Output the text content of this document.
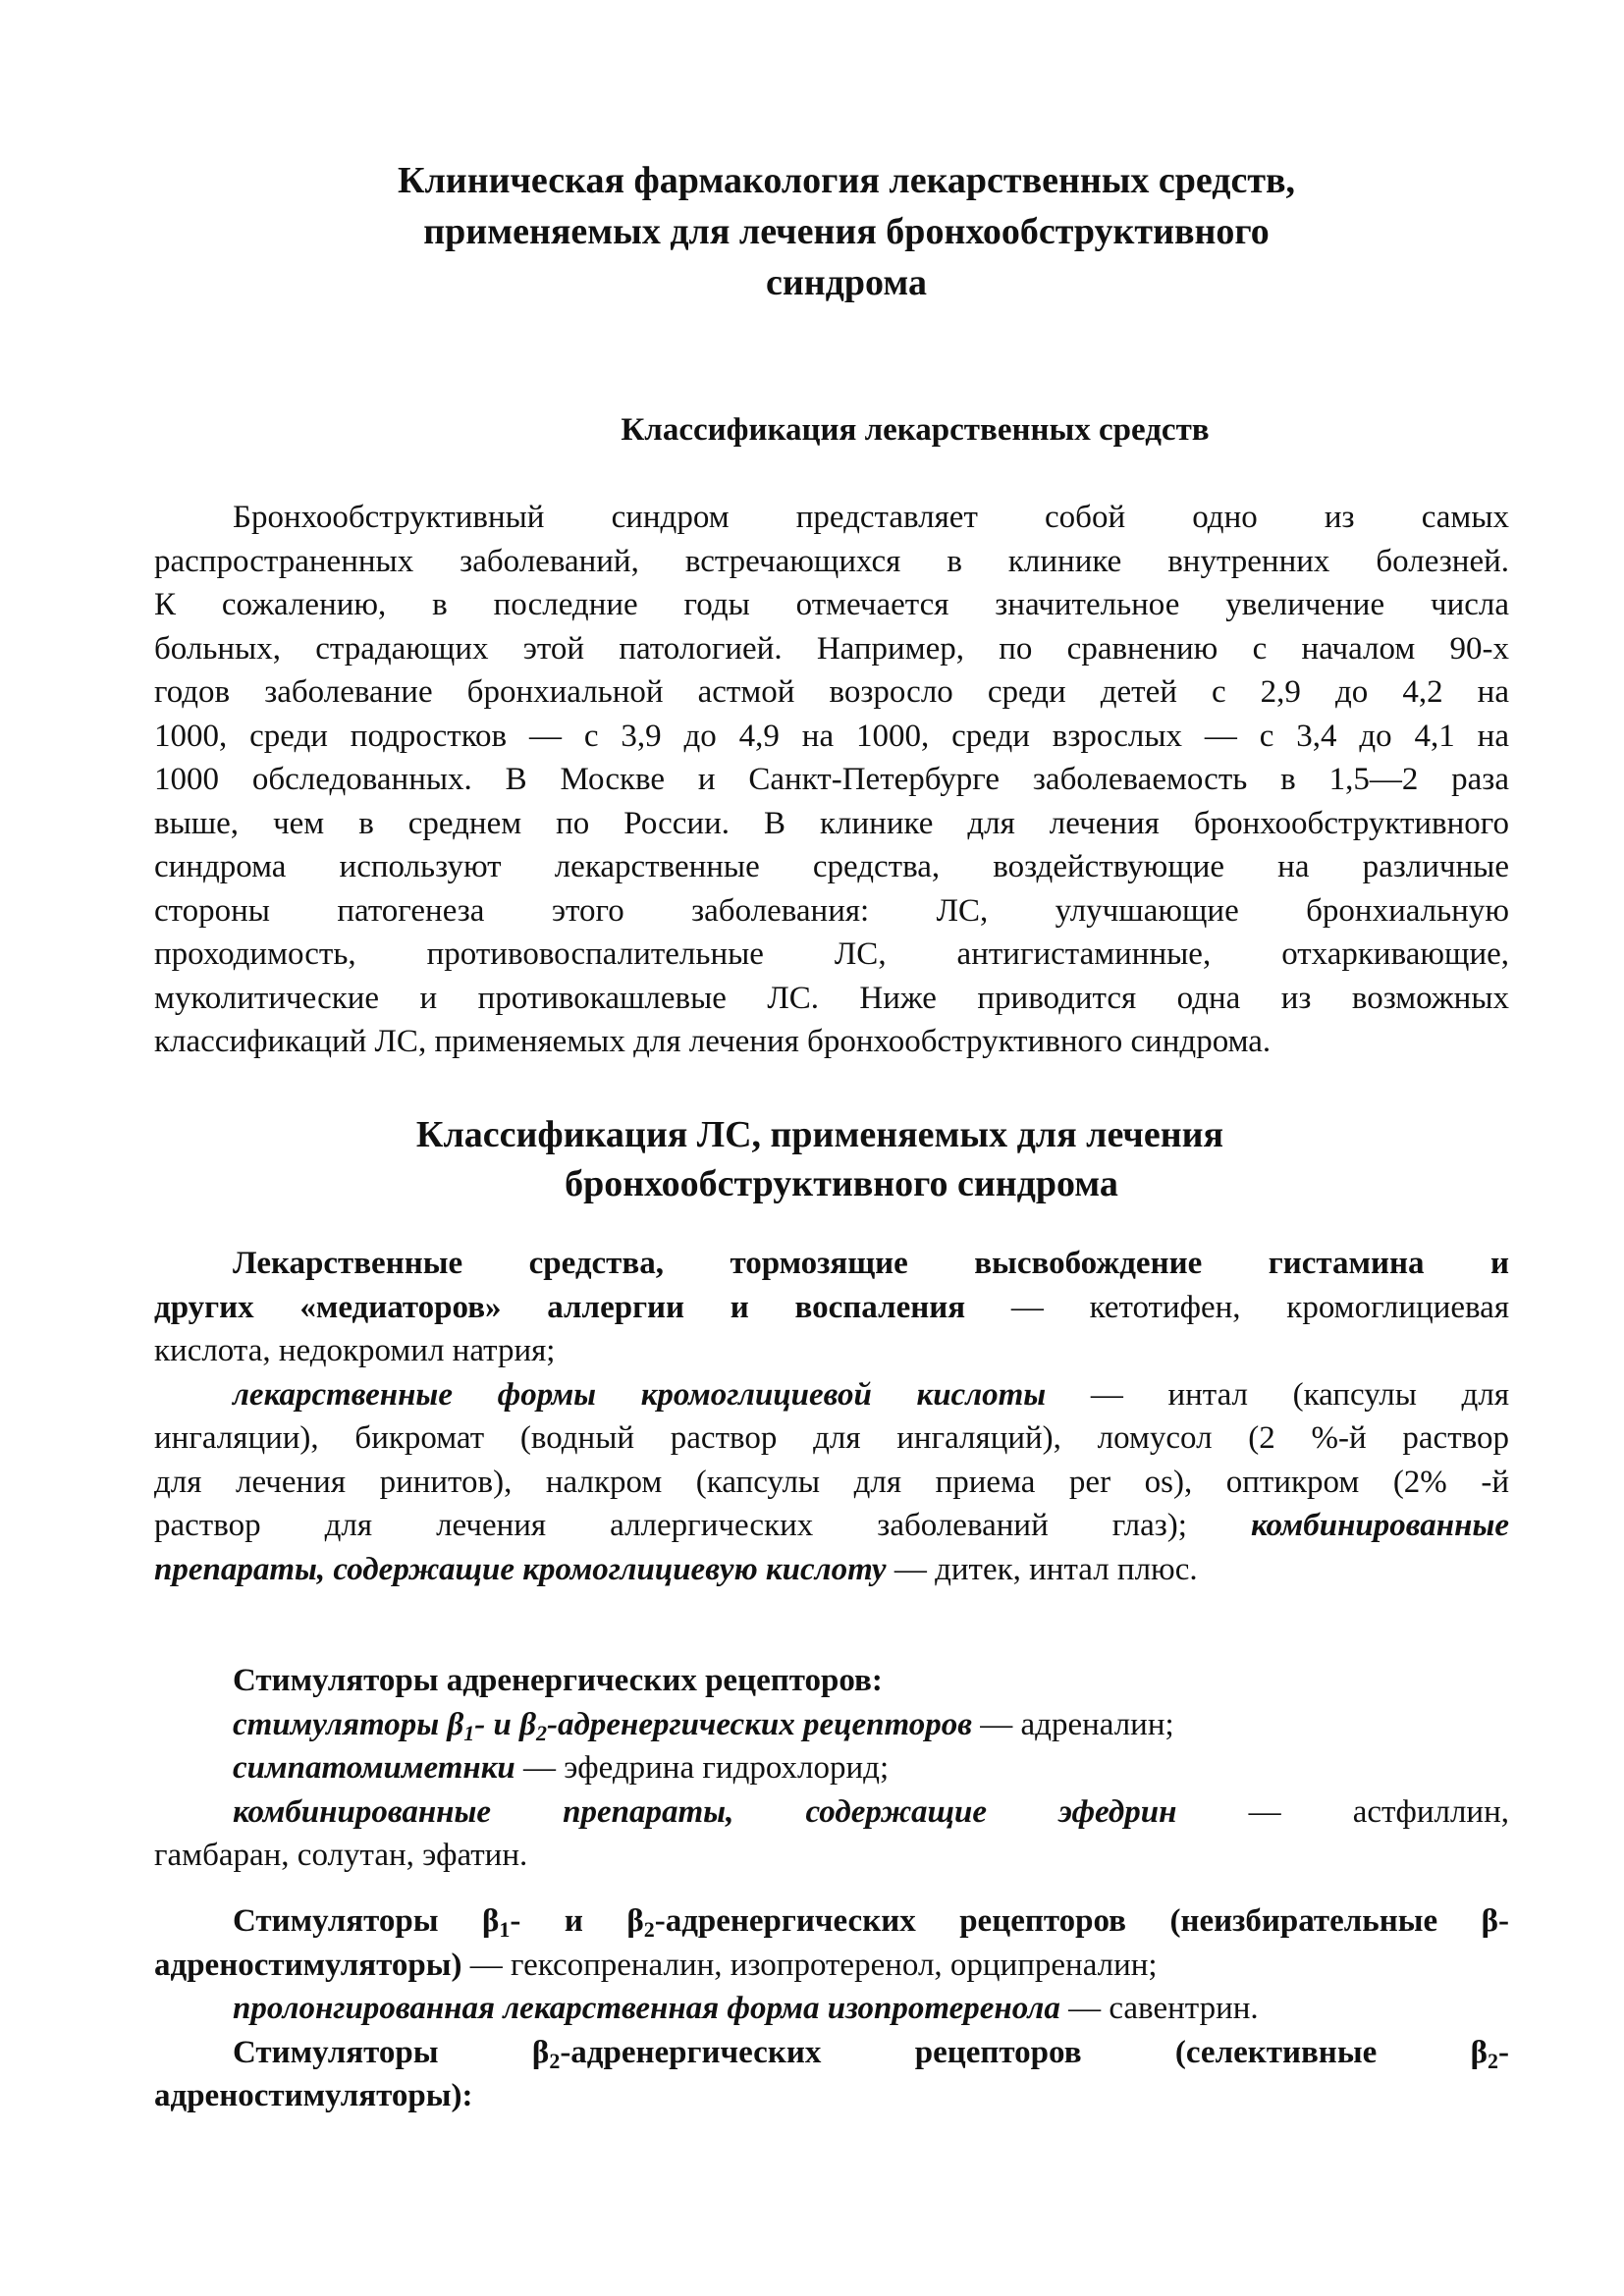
Клиническая фармакология лекарственных средств,
применяемых для лечения бронхообструктивного
синдрома
Классификация лекарственных средств
Бронхообструктивный синдром представляет собой одно из самых
распространенных заболеваний, встречающихся в клинике внутренних болезней.
К сожалению, в последние годы отмечается значительное увеличение числа
больных, страдающих этой патологией. Например, по сравнению с началом 90-х
годов заболевание бронхиальной астмой возросло среди детей с 2,9 до 4,2 на
1000, среди подростков — с 3,9 до 4,9 на 1000, среди взрослых — с 3,4 до 4,1 на
1000 обследованных. В Москве и Санкт-Петербурге заболеваемость в 1,5—2 раза
выше, чем в среднем по России. В клинике для лечения бронхообструктивного
синдрома используют лекарственные средства, воздействующие на различные
стороны патогенеза этого заболевания: ЛС, улучшающие бронхиальную
проходимость, противовоспалительные ЛС, антигистаминные, отхаркивающие,
муколитические и противокашлевые ЛС. Ниже приводится одна из возможных
классификаций ЛС, применяемых для лечения бронхообструктивного синдрома.
Классификация ЛС, применяемых для лечения
бронхообструктивного синдрома
Лекарственные средства, тормозящие высвобождение гистамина и
других «медиаторов» аллергии и воспаления — кетотифен, кромоглициевая
кислота, недокромил натрия;
лекарственные формы кромоглициевой кислоты — интал (капсулы для
ингаляции), бикромат (водный раствор для ингаляций), ломусол (2 %-й раствор
для лечения ринитов), налкром (капсулы для приема per os), оптикром (2% -й
раствор для лечения аллергических заболеваний глаз); комбинированные
препараты, содержащие кромоглициевую кислоту — дитек, интал плюс.
Стимуляторы адренергических рецепторов:
стимуляторы $\beta_1-$ и $\beta_2$-адренергических рецепторов — адреналин;
симпатомиметнки — эфедрина гидрохлорид;
комбинированные препараты, содержащие эфедрин — астфиллин,
гамбаран, солутан, эфатин.
Стимуляторы $\beta_1-$ и $\beta_2$-адренергических рецепторов (неизбирательные β-
адреностимуляторы) — гексопреналин, изопротеренол, орципреналин;
пролонгированная лекарственная форма изопротеренола — савентрин.
Стимуляторы $\beta_2$-адренергических рецепторов (селективные $\beta_2-$
адреностимуляторы):
